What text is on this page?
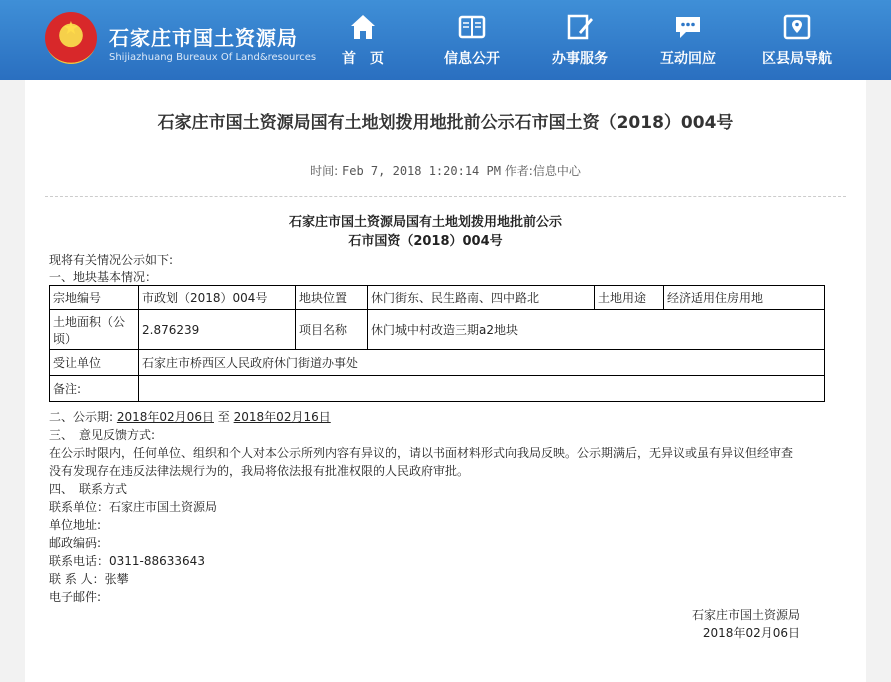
★	石家庄市国土资源局
Shijiazhuang Bureaux Of Land&resources	首　页	信息公开	办事服务	互动回应	区县局导航
石家庄市国土资源局国有土地划拨用地批前公示石市国土资（2018）004号
时间: Feb 7, 2018 1:20:14 PM 作者:信息中心
石家庄市国土资源局国有土地划拨用地批前公示
石市国资（2018）004号
现将有关情况公示如下:
一、地块基本情况：
宗地编号	市政划（2018）004号	地块位置	休门街东、民生路南、四中路北	土地用途	经济适用住房用地
土地面积（公顷）	2.876239	项目名称	休门城中村改造三期a2地块		
受让单位	石家庄市桥西区人民政府休门街道办事处				
备注:					
二、公示期: 2018年02月06日 至 2018年02月16日
三、　意见反馈方式:
在公示时限内，任何单位、组织和个人对本公示所列内容有异议的，请以书面材料形式向我局反映。公示期满后，无异议或虽有异议但经审查
没有发现存在违反法律法规行为的，我局将依法报有批准权限的人民政府审批。
四、　联系方式
联系单位：石家庄市国土资源局
单位地址:
邮政编码:
联系电话：0311-88633643
联 系 人：张攀
电子邮件:
石家庄市国土资源局
2018年02月06日
